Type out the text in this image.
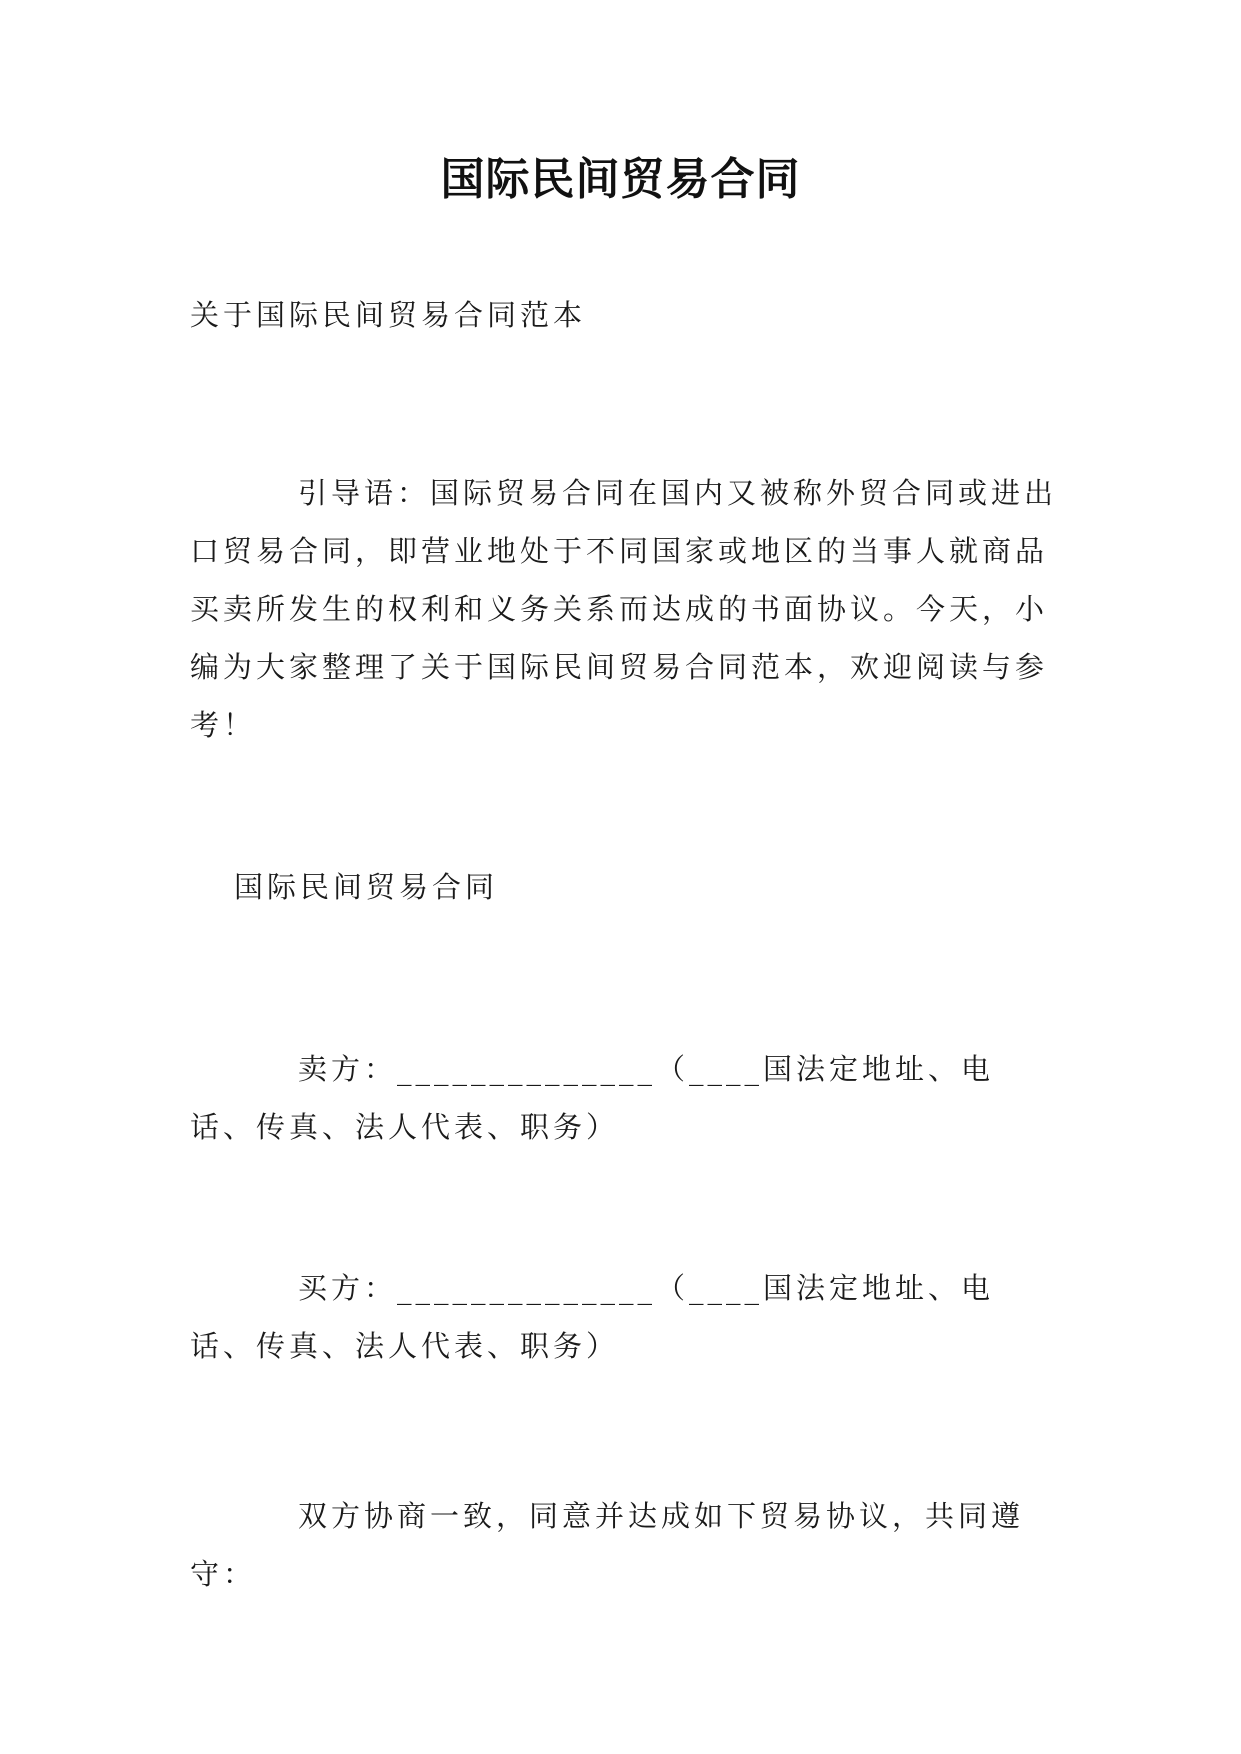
国际民间贸易合同

关于国际民间贸易合同范本

引导语：国际贸易合同在国内又被称外贸合同或进出口贸易合同，即营业地处于不同国家或地区的当事人就商品买卖所发生的权利和义务关系而达成的书面协议。今天，小编为大家整理了关于国际民间贸易合同范本，欢迎阅读与参考！

国际民间贸易合同

卖方：______________（____国法定地址、电话、传真、法人代表、职务）

买方：______________（____国法定地址、电话、传真、法人代表、职务）

双方协商一致，同意并达成如下贸易协议，共同遵守：
